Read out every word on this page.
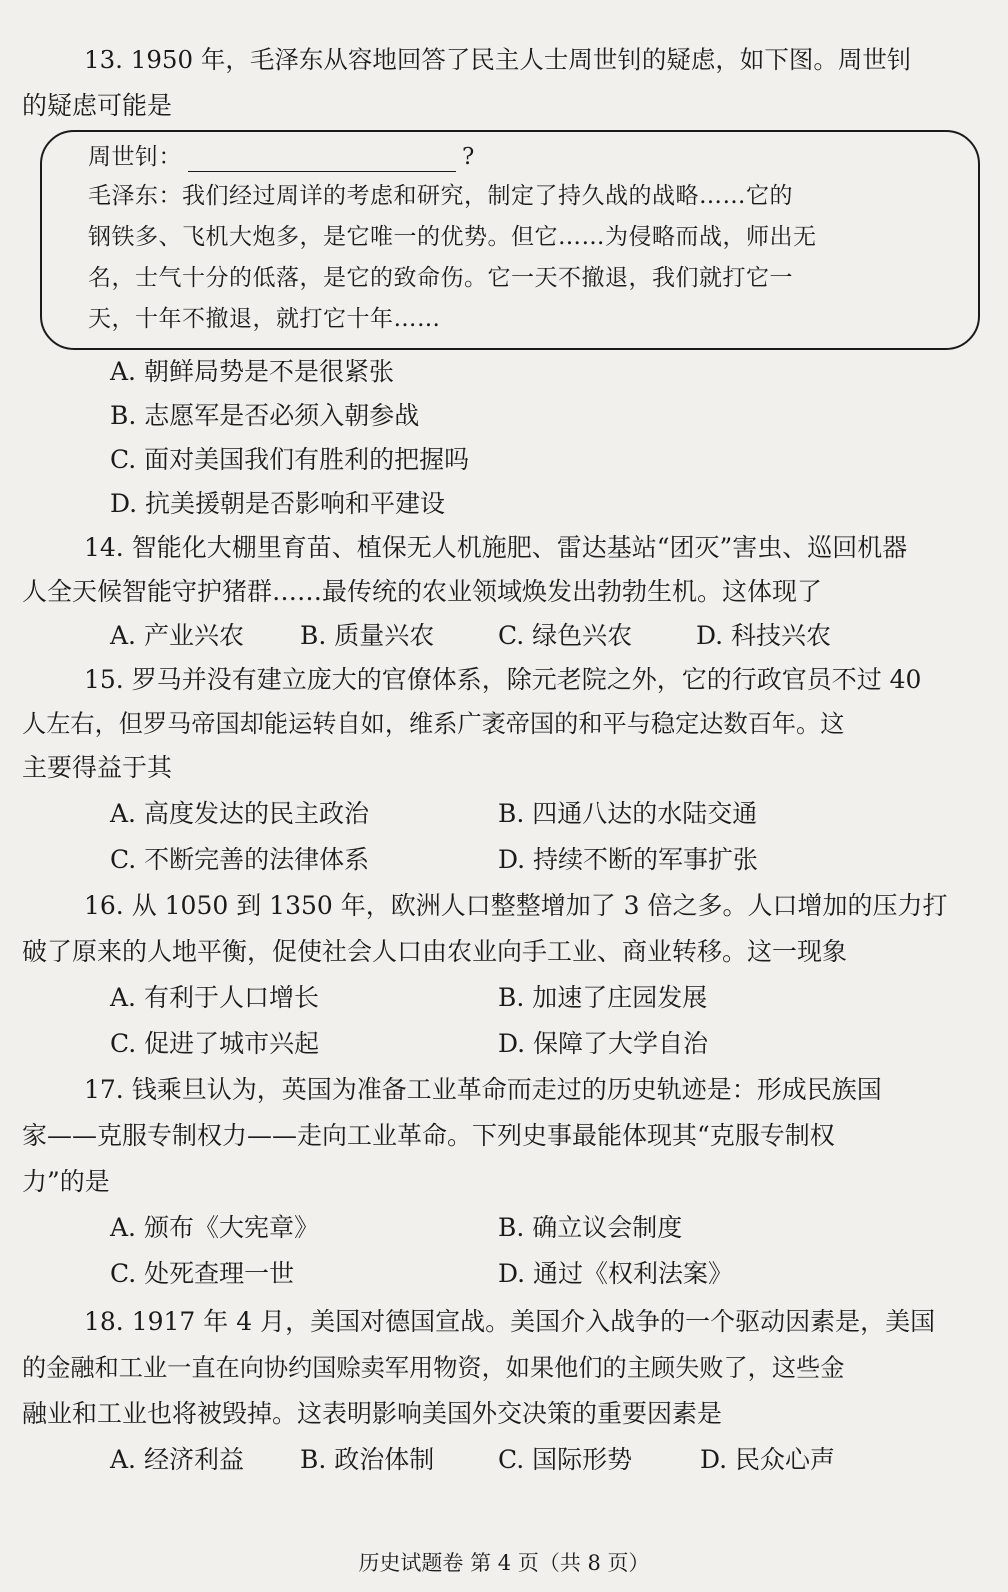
13. 1950 年，毛泽东从容地回答了民主人士周世钊的疑虑，如下图。周世钊
的疑虑可能是
周世钊：	?
毛泽东：我们经过周详的考虑和研究，制定了持久战的战略……它的
钢铁多、飞机大炮多，是它唯一的优势。但它……为侵略而战，师出无
名，士气十分的低落，是它的致命伤。它一天不撤退，我们就打它一
天，十年不撤退，就打它十年……
A. 朝鲜局势是不是很紧张
B. 志愿军是否必须入朝参战
C. 面对美国我们有胜利的把握吗
D. 抗美援朝是否影响和平建设
14. 智能化大棚里育苗、植保无人机施肥、雷达基站“团灭”害虫、巡回机器
人全天候智能守护猪群……最传统的农业领域焕发出勃勃生机。这体现了
A. 产业兴农 B. 质量兴农	C. 绿色兴农	D. 科技兴农
15. 罗马并没有建立庞大的官僚体系，除元老院之外，它的行政官员不过 40
人左右，但罗马帝国却能运转自如，维系广袤帝国的和平与稳定达数百年。这
主要得益于其
A. 高度发达的民主政治	B. 四通八达的水陆交通
C. 不断完善的法律体系	D. 持续不断的军事扩张
16. 从 1050 到 1350 年，欧洲人口整整增加了 3 倍之多。人口增加的压力打
破了原来的人地平衡，促使社会人口由农业向手工业、商业转移。这一现象
A. 有利于人口增长	B. 加速了庄园发展
C. 促进了城市兴起	D. 保障了大学自治
17. 钱乘旦认为，英国为准备工业革命而走过的历史轨迹是：形成民族国
家——克服专制权力——走向工业革命。下列史事最能体现其“克服专制权
力”的是
A. 颁布《大宪章》	B. 确立议会制度
C. 处死查理一世	D. 通过《权利法案》
18. 1917 年 4 月，美国对德国宣战。美国介入战争的一个驱动因素是，美国
的金融和工业一直在向协约国赊卖军用物资，如果他们的主顾失败了，这些金
融业和工业也将被毁掉。这表明影响美国外交决策的重要因素是
A. 经济利益 B. 政治体制	C. 国际形势	D. 民众心声
历史试题卷 第 4 页（共 8 页）
